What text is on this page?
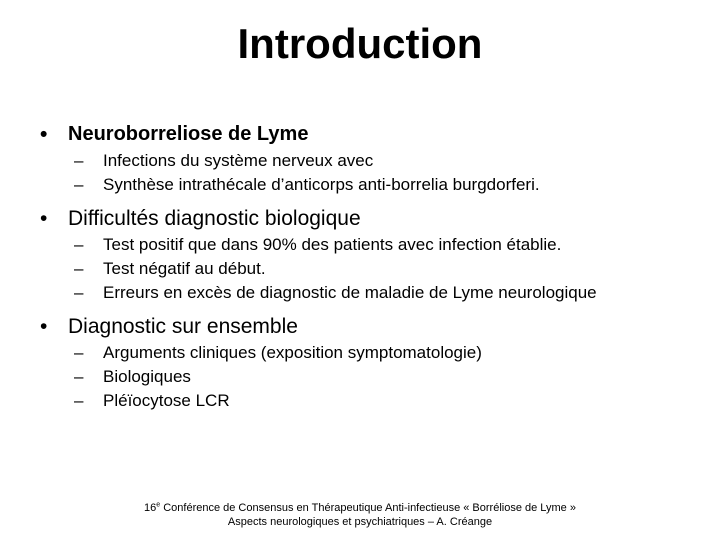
Introduction
• Neuroborreliose de Lyme
– Infections du système nerveux avec
– Synthèse intrathécale d’anticorps anti-borrelia burgdorferi.
• Difficultés diagnostic biologique
– Test positif que dans 90% des patients avec infection établie.
– Test négatif au début.
– Erreurs en excès de diagnostic de maladie de Lyme neurologique
• Diagnostic sur ensemble
– Arguments cliniques (exposition symptomatologie)
– Biologiques
– Pléïocytose LCR
16e Conférence de Consensus en Thérapeutique Anti-infectieuse « Borréliose de Lyme »
Aspects neurologiques et psychiatriques – A. Créange
